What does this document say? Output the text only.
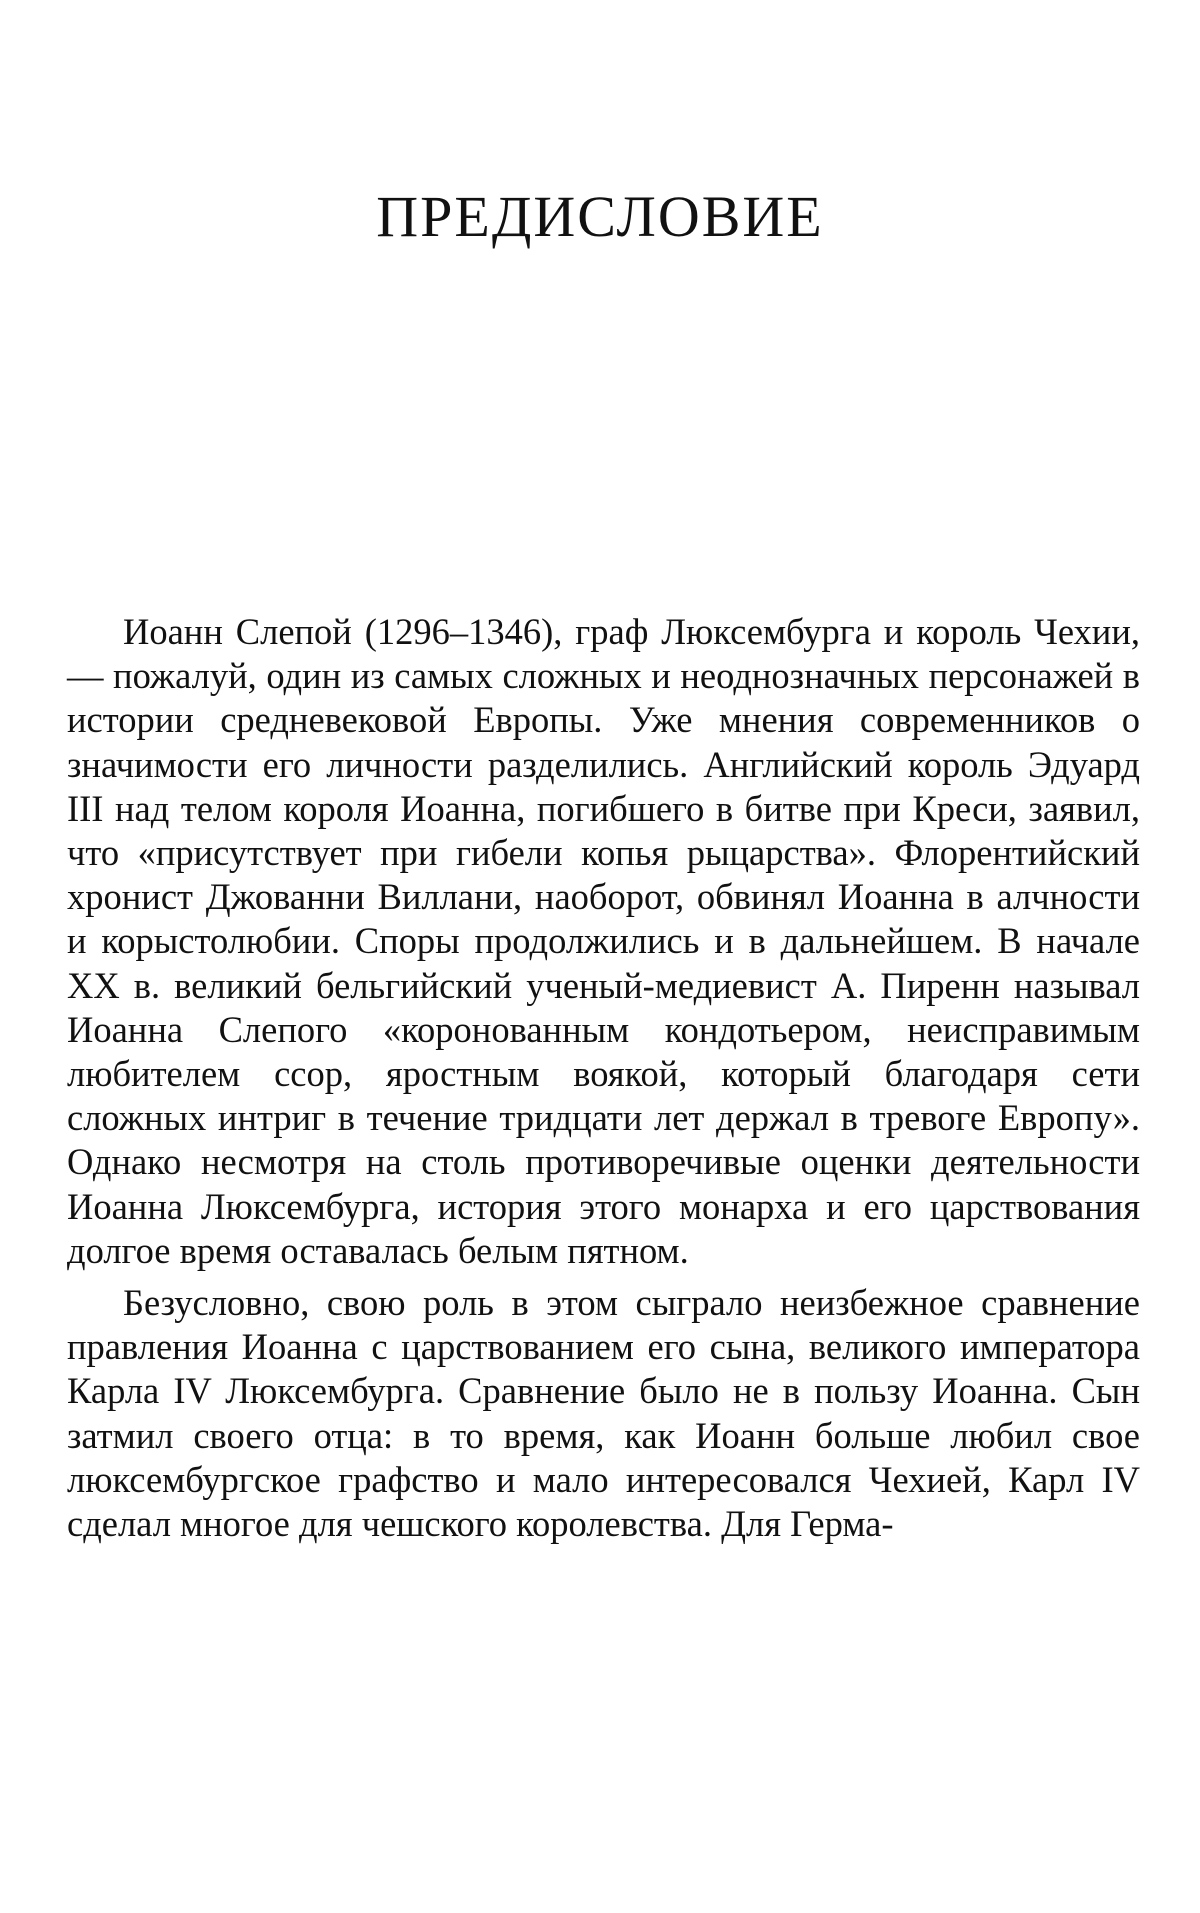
ПРЕДИСЛОВИЕ

Иоанн Слепой (1296–1346), граф Люксембурга и король Чехии, — пожалуй, один из самых сложных и неоднозначных персонажей в истории средневековой Европы. Уже мнения современников о значимости его личности разделились. Английский король Эдуард III над телом короля Иоанна, погибшего в битве при Креси, заявил, что «присутствует при гибели копья рыцарства». Флорентийский хронист Джованни Виллани, наоборот, обвинял Иоанна в алчности и корыстолюбии. Споры продолжились и в дальнейшем. В начале XX в. великий бельгийский ученый-медиевист А. Пиренн называл Иоанна Слепого «коронованным кондотьером, неисправимым любителем ссор, яростным воякой, который благодаря сети сложных интриг в течение тридцати лет держал в тревоге Европу». Однако несмотря на столь противоречивые оценки деятельности Иоанна Люксембурга, история этого монарха и его царствования долгое время оставалась белым пятном.

Безусловно, свою роль в этом сыграло неизбежное сравнение правления Иоанна с царствованием его сына, великого императора Карла IV Люксембурга. Сравнение было не в пользу Иоанна. Сын затмил своего отца: в то время, как Иоанн больше любил свое люксембургское графство и мало интересовался Чехией, Карл IV сделал многое для чешского королевства. Для Герма-
